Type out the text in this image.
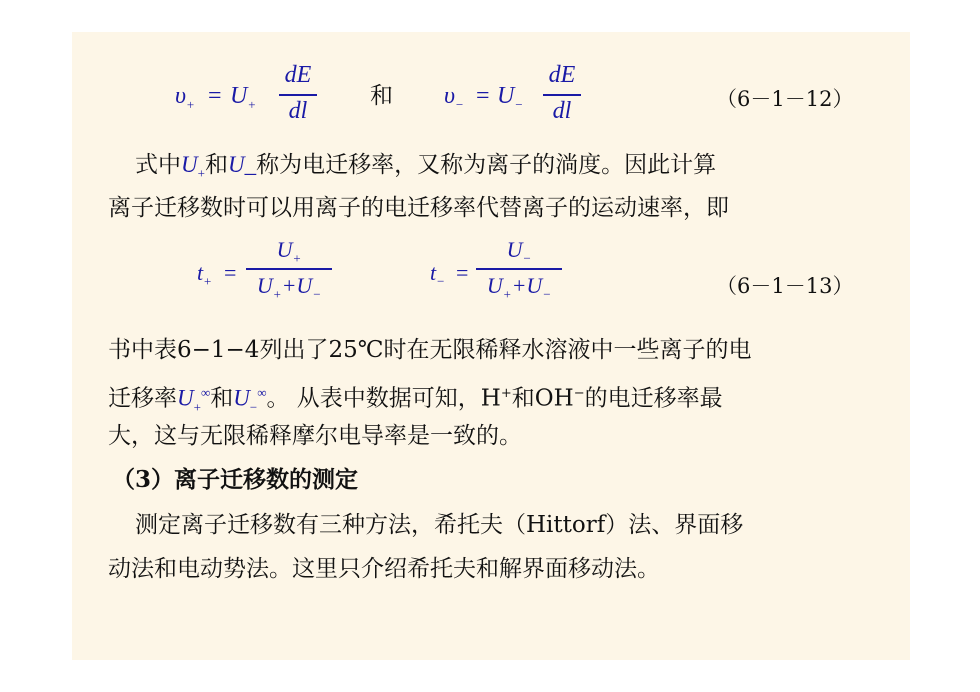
$\upsilon_+ = U_+$
dE
dl
和 $\upsilon_- = U_-$
dE
dl	（6－1－12）
式中$U_+$和U_称为电迁移率，又称为离子的淌度。因此计算
离子迁移数时可以用离子的电迁移率代替离子的运动速率，即
$t_+$ =
$U_+$
$U_++U_-$
$t_-$ =
$U_-$
$U_++U_-$	（6－1－13）
书中表6−1−4列出了25℃时在无限稀释水溶液中一些离子的电
迁移率$U_+^\infty$和$U_-^\infty$。 从表中数据可知，H+和OH−的电迁移率最
大，这与无限稀释摩尔电导率是一致的。
（3）离子迁移数的测定
测定离子迁移数有三种方法，希托夫（Hittorf）法、界面移
动法和电动势法。这里只介绍希托夫和解界面移动法。
